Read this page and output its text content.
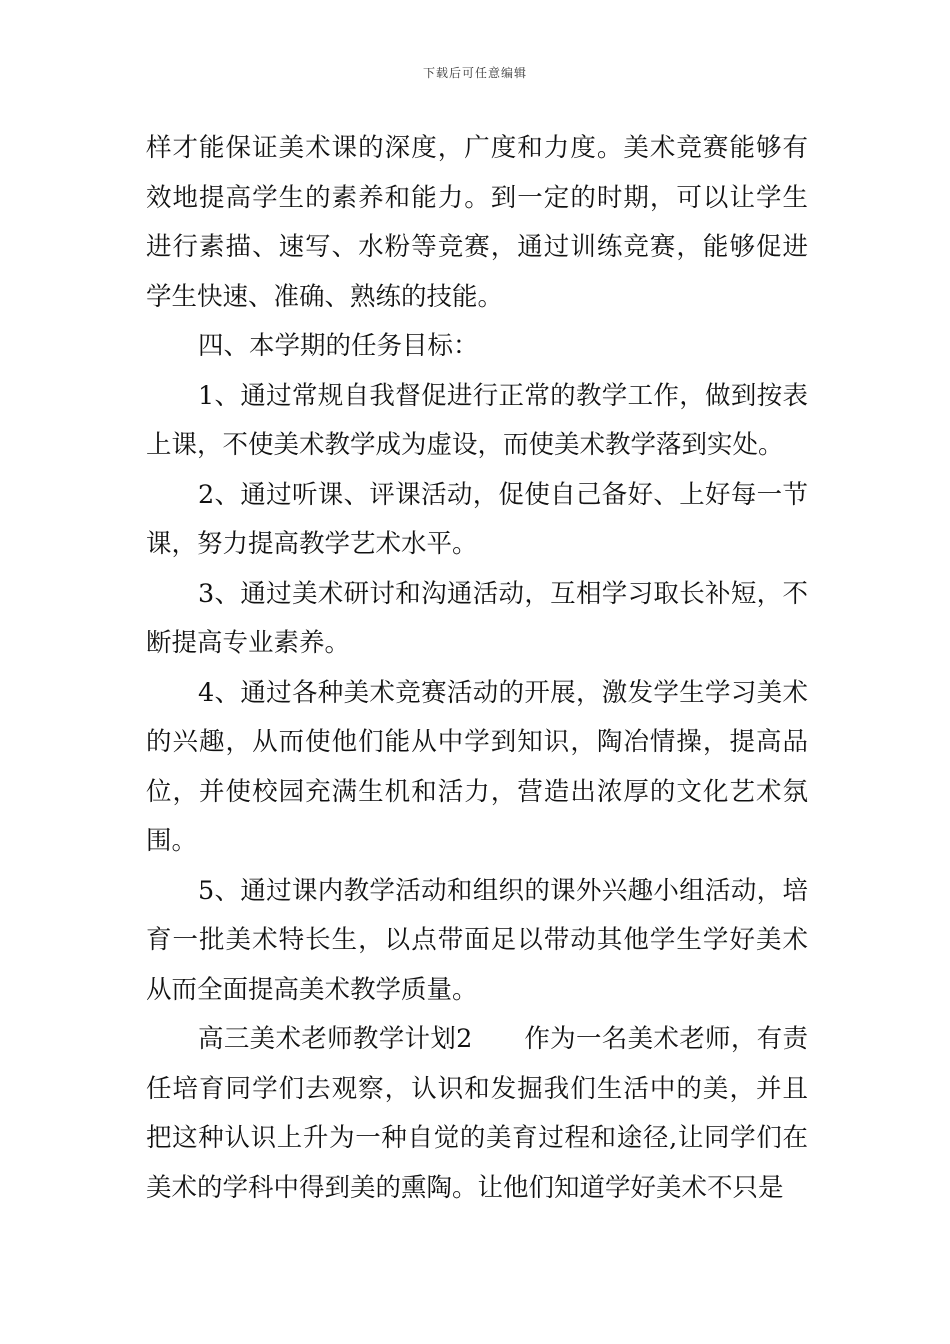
下载后可任意编辑

样才能保证美术课的深度，广度和力度。美术竞赛能够有效地提高学生的素养和能力。到一定的时期，可以让学生进行素描、速写、水粉等竞赛，通过训练竞赛，能够促进学生快速、准确、熟练的技能。

四、本学期的任务目标：

1、通过常规自我督促进行正常的教学工作，做到按表上课，不使美术教学成为虚设，而使美术教学落到实处。

2、通过听课、评课活动，促使自己备好、上好每一节课，努力提高教学艺术水平。

3、通过美术研讨和沟通活动，互相学习取长补短，不断提高专业素养。

4、通过各种美术竞赛活动的开展，激发学生学习美术的兴趣，从而使他们能从中学到知识，陶冶情操，提高品位，并使校园充满生机和活力，营造出浓厚的文化艺术氛围。

5、通过课内教学活动和组织的课外兴趣小组活动，培育一批美术特长生，以点带面足以带动其他学生学好美术从而全面提高美术教学质量。

高三美术老师教学计划2　　作为一名美术老师，有责任培育同学们去观察，认识和发掘我们生活中的美，并且把这种认识上升为一种自觉的美育过程和途径,让同学们在美术的学科中得到美的熏陶。让他们知道学好美术不只是
